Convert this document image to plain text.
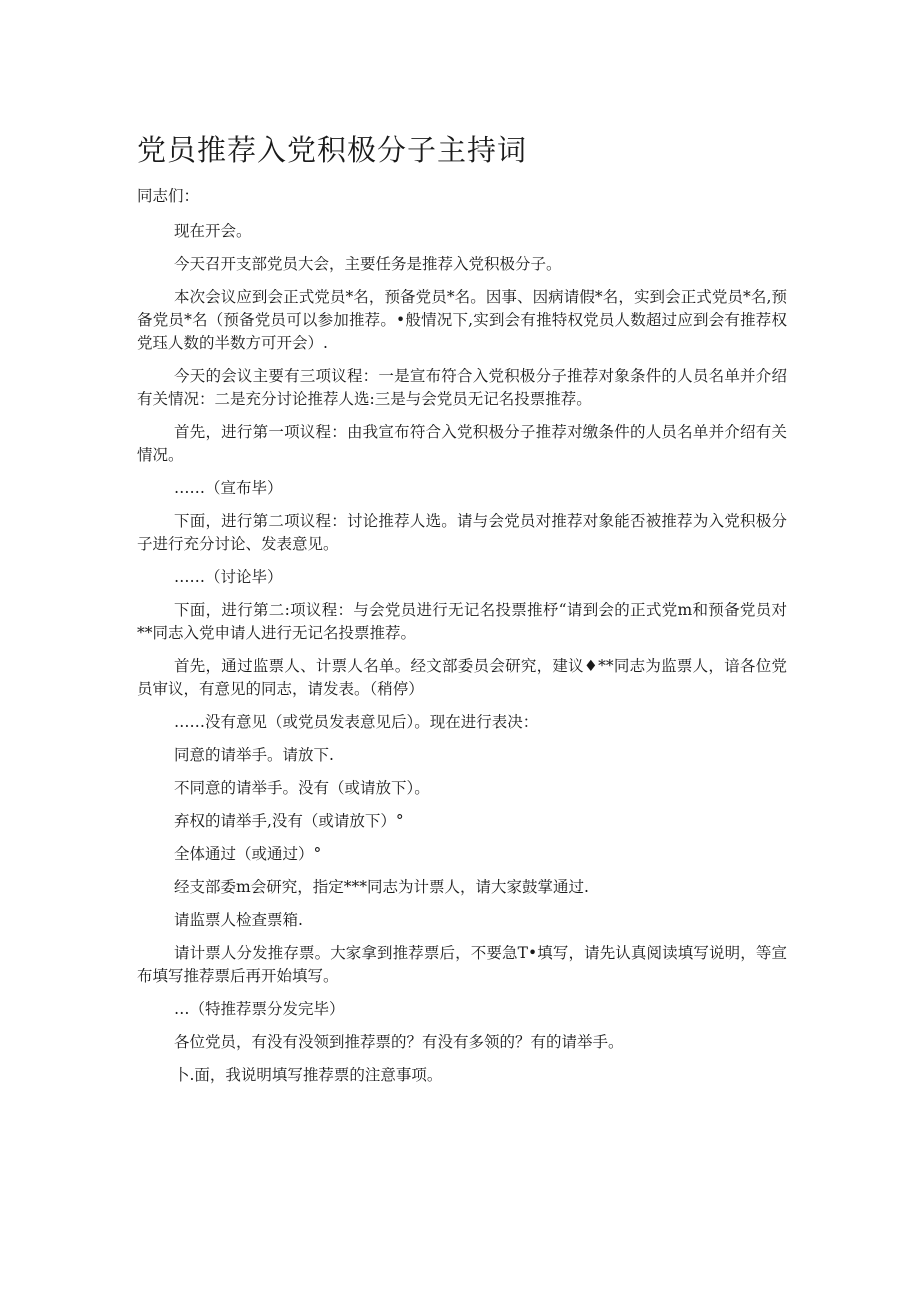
党员推荐入党积极分子主持词
同志们：

现在开会。

今天召开支部党员大会，主要任务是推荐入党积极分子。

本次会议应到会正式党员*名，预备党员*名。因事、因病请假*名，实到会正式党员*名,预备党员*名（预备党员可以参加推荐。•般情况下,实到会有推特权党员人数超过应到会有推荐权党珏人数的半数方可开会）.

今天的会议主要有三项议程：一是宣布符合入党积极分子推荐对象条件的人员名单并介绍有关情况：二是充分讨论推荐人选:三是与会党员无记名投票推荐。

首先，进行第一项议程：由我宣布符合入党积极分子推荐对缴条件的人员名单并介绍有关情况。

……（宣布毕）

下面，进行第二项议程：讨论推荐人选。请与会党员对推荐对象能否被推荐为入党积极分子进行充分讨论、发表意见。

……（讨论毕）

下面，进行第二:项议程：与会党员进行无记名投票推杼“请到会的正式党m和预备党员对**同志入党申请人进行无记名投票推荐。

首先，通过监票人、计票人名单。经文部委员会研究，建议♦**同志为监票人，谙各位党员审议，有意见的同志，请发表。（稍停）

……没有意见（或党员发表意见后）。现在进行表决：

同意的请举手。请放下.

不同意的请举手。没有（或请放下）。

弃权的请举手,没有（或请放下）°

全体通过（或通过）°

经支部委m会研究，指定***同志为计票人，请大家鼓掌通过.

请监票人检查票箱.

请计票人分发推存票。大家拿到推荐票后，不要急T•填写，请先认真阅读填写说明，等宣布填写推荐票后再开始填写。

…（特推荐票分发完毕）

各位党员，有没有没领到推荐票的？有没有多领的？有的请举手。

卜.面，我说明填写推荐票的注意事项。
